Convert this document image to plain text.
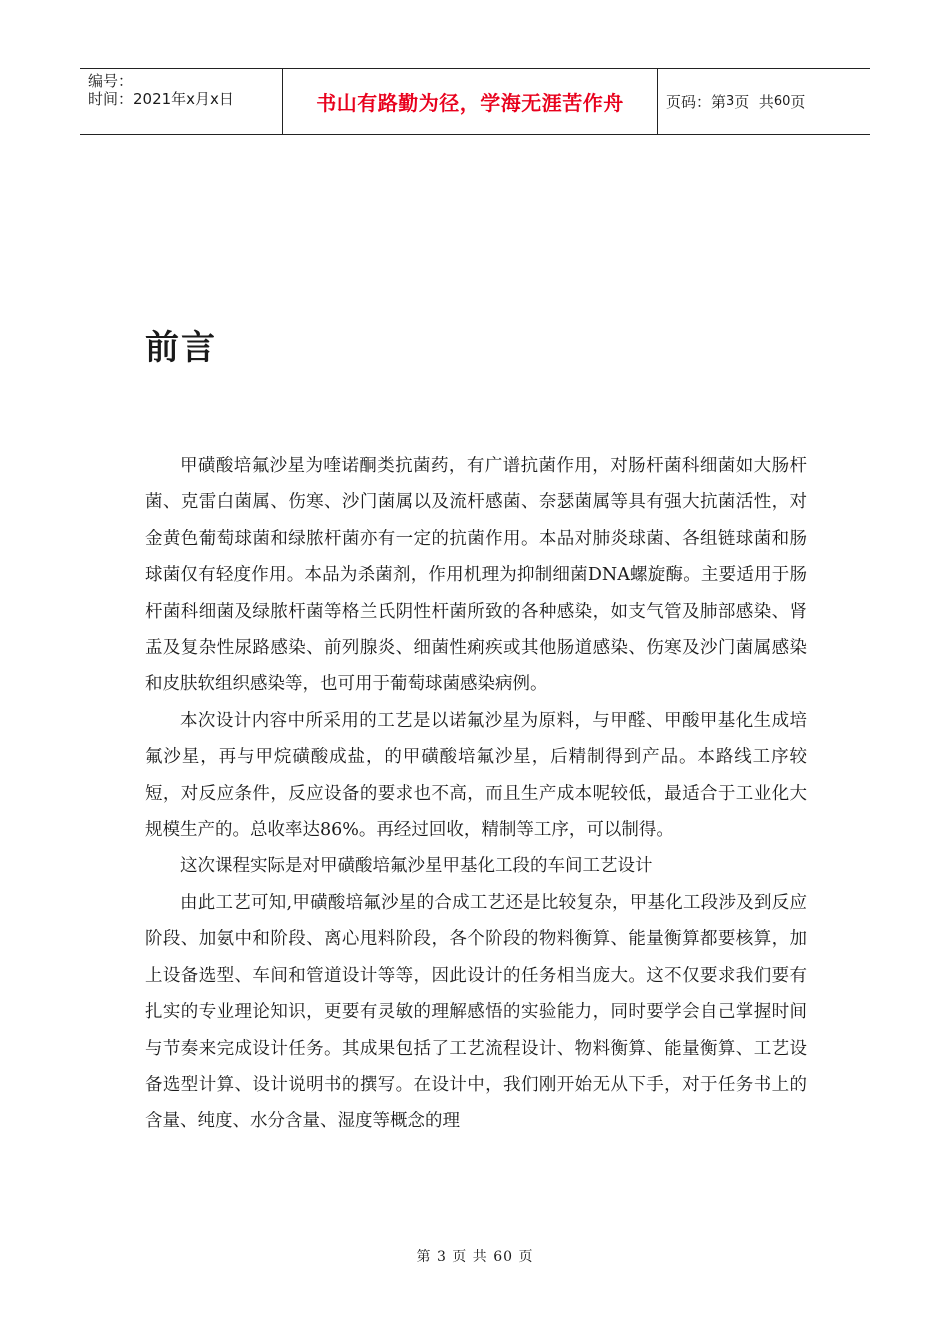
编号：
时间：2021年x月x日	书山有路勤为径，学海无涯苦作舟	页码：第 3 页  共 60 页
前言

甲磺酸培氟沙星为喹诺酮类抗菌药，有广谱抗菌作用，对肠杆菌科细菌如大肠杆菌、克雷白菌属、伤寒、沙门菌属以及流杆感菌、奈瑟菌属等具有强大抗菌活性，对金黄色葡萄球菌和绿脓杆菌亦有一定的抗菌作用。本品对肺炎球菌、各组链球菌和肠球菌仅有轻度作用。本品为杀菌剂，作用机理为抑制细菌DNA螺旋酶。主要适用于肠杆菌科细菌及绿脓杆菌等格兰氏阴性杆菌所致的各种感染，如支气管及肺部感染、肾盂及复杂性尿路感染、前列腺炎、细菌性痢疾或其他肠道感染、伤寒及沙门菌属感染和皮肤软组织感染等，也可用于葡萄球菌感染病例。

本次设计内容中所采用的工艺是以诺氟沙星为原料，与甲醛、甲酸甲基化生成培氟沙星，再与甲烷磺酸成盐，的甲磺酸培氟沙星，后精制得到产品。本路线工序较短，对反应条件，反应设备的要求也不高，而且生产成本呢较低，最适合于工业化大规模生产的。总收率达86%。再经过回收，精制等工序，可以制得。

这次课程实际是对甲磺酸培氟沙星甲基化工段的车间工艺设计

由此工艺可知,甲磺酸培氟沙星的合成工艺还是比较复杂，甲基化工段涉及到反应阶段、加氨中和阶段、离心甩料阶段，各个阶段的物料衡算、能量衡算都要核算，加上设备选型、车间和管道设计等等，因此设计的任务相当庞大。这不仅要求我们要有扎实的专业理论知识，更要有灵敏的理解感悟的实验能力，同时要学会自己掌握时间与节奏来完成设计任务。其成果包括了工艺流程设计、物料衡算、能量衡算、工艺设备选型计算、设计说明书的撰写。在设计中，我们刚开始无从下手，对于任务书上的含量、纯度、水分含量、湿度等概念的理

第 3 页 共 60 页
